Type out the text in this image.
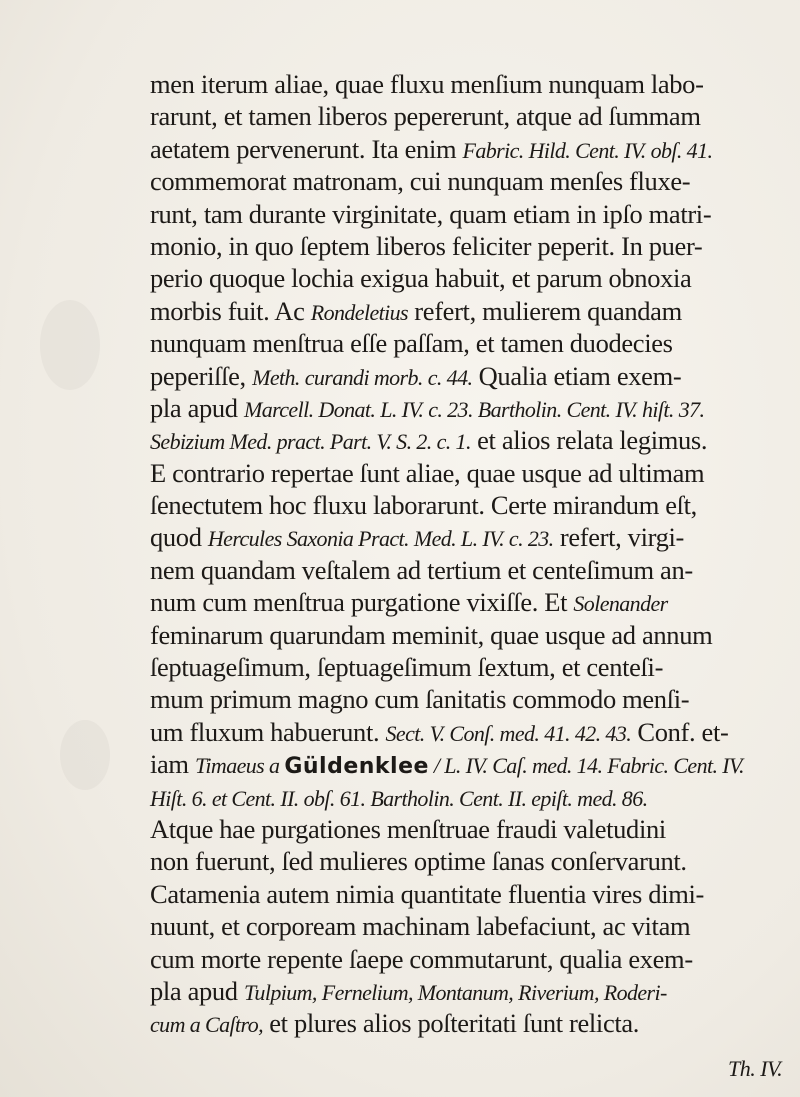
men iterum aliae, quae fluxu menſium nunquam labo-
rarunt, et tamen liberos pepererunt, atque ad ſummam
aetatem pervenerunt. Ita enim Fabric. Hild. Cent. IV. obſ. 41.
commemorat matronam, cui nunquam menſes fluxe-
runt, tam durante virginitate, quam etiam in ipſo matri-
monio, in quo ſeptem liberos feliciter peperit. In puer-
perio quoque lochia exigua habuit, et parum obnoxia
morbis fuit. Ac Rondeletius refert, mulierem quandam
nunquam menſtrua eſſe paſſam, et tamen duodecies
peperiſſe, Meth. curandi morb. c. 44. Qualia etiam exem-
pla apud Marcell. Donat. L. IV. c. 23. Bartholin. Cent. IV. hiſt. 37.
Sebizium Med. pract. Part. V. S. 2. c. 1. et alios relata legimus.
E contrario repertae ſunt aliae, quae usque ad ultimam
ſenectutem hoc fluxu laborarunt. Certe mirandum eſt,
quod Hercules Saxonia Pract. Med. L. IV. c. 23. refert, virgi-
nem quandam veſtalem ad tertium et centeſimum an-
num cum menſtrua purgatione vixiſſe. Et Solenander
feminarum quarundam meminit, quae usque ad annum
ſeptuageſimum, ſeptuageſimum ſextum, et centeſi-
mum primum magno cum ſanitatis commodo menſi-
um fluxum habuerunt. Sect. V. Conſ. med. 41. 42. 43. Conf. et-
iam Timaeus a Güldenklee / L. IV. Caſ. med. 14. Fabric. Cent. IV.
Hiſt. 6. et Cent. II. obſ. 61. Bartholin. Cent. II. epiſt. med. 86.
Atque hae purgationes menſtruae fraudi valetudini
non fuerunt, ſed mulieres optime ſanas conſervarunt.
Catamenia autem nimia quantitate fluentia vires dimi-
nuunt, et corpoream machinam labefaciunt, ac vitam
cum morte repente ſaepe commutarunt, qualia exem-
pla apud Tulpium, Fernelium, Montanum, Riverium, Roderi-
cum a Caſtro, et plures alios poſteritati ſunt relicta.
Th. IV.
